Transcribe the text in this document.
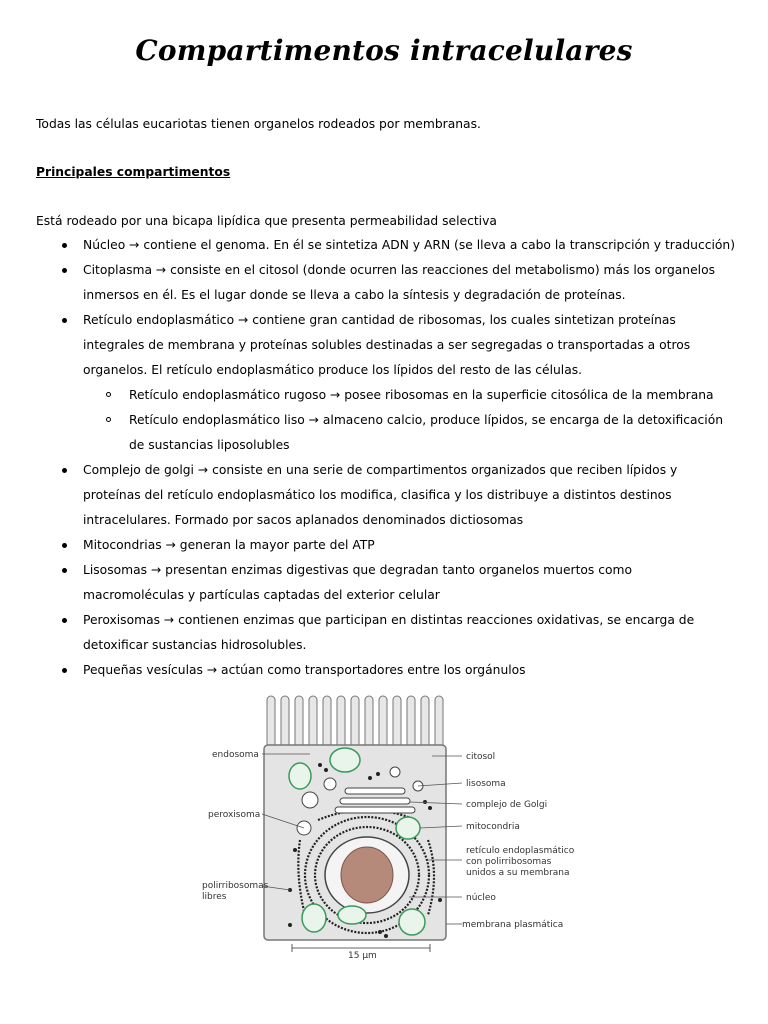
Compartimentos intracelulares
Todas las células eucariotas tienen organelos rodeados por membranas.
Principales compartimentos
Está rodeado por una bicapa lipídica que presenta permeabilidad selectiva
Núcleo → contiene el genoma. En él se sintetiza ADN y ARN (se lleva a cabo la transcripción y traducción)
Citoplasma → consiste en el citosol (donde ocurren las reacciones del metabolismo) más los organelos inmersos en él. Es el lugar donde se lleva a cabo la síntesis y degradación de proteínas.
Retículo endoplasmático → contiene gran cantidad de ribosomas, los cuales sintetizan proteínas integrales de membrana y proteínas solubles destinadas a ser segregadas o transportadas a otros organelos. El retículo endoplasmático produce los lípidos del resto de las células.
Retículo endoplasmático rugoso → posee ribosomas en la superficie citosólica de la membrana
Retículo endoplasmático liso → almaceno calcio, produce lípidos, se encarga de la detoxificación de sustancias liposolubles
Complejo de golgi → consiste en una serie de compartimentos organizados que reciben lípidos y proteínas del retículo endoplasmático los modifica, clasifica y los distribuye a distintos destinos intracelulares. Formado por sacos aplanados denominados dictiosomas
Mitocondrias → generan la mayor parte del ATP
Lisosomas → presentan enzimas digestivas que degradan tanto organelos muertos como macromoléculas y partículas captadas del exterior celular
Peroxisomas → contienen enzimas que participan en distintas reacciones oxidativas, se encarga de detoxificar sustancias hidrosolubles.
Pequeñas vesículas → actúan como transportadores entre los orgánulos
endosoma
peroxisoma
polirribosomas
libres
citosol
lisosoma
complejo de Golgi
mitocondria
retículo endoplasmático
con polirribosomas
unidos a su membrana
núcleo
membrana plasmática
15 µm
